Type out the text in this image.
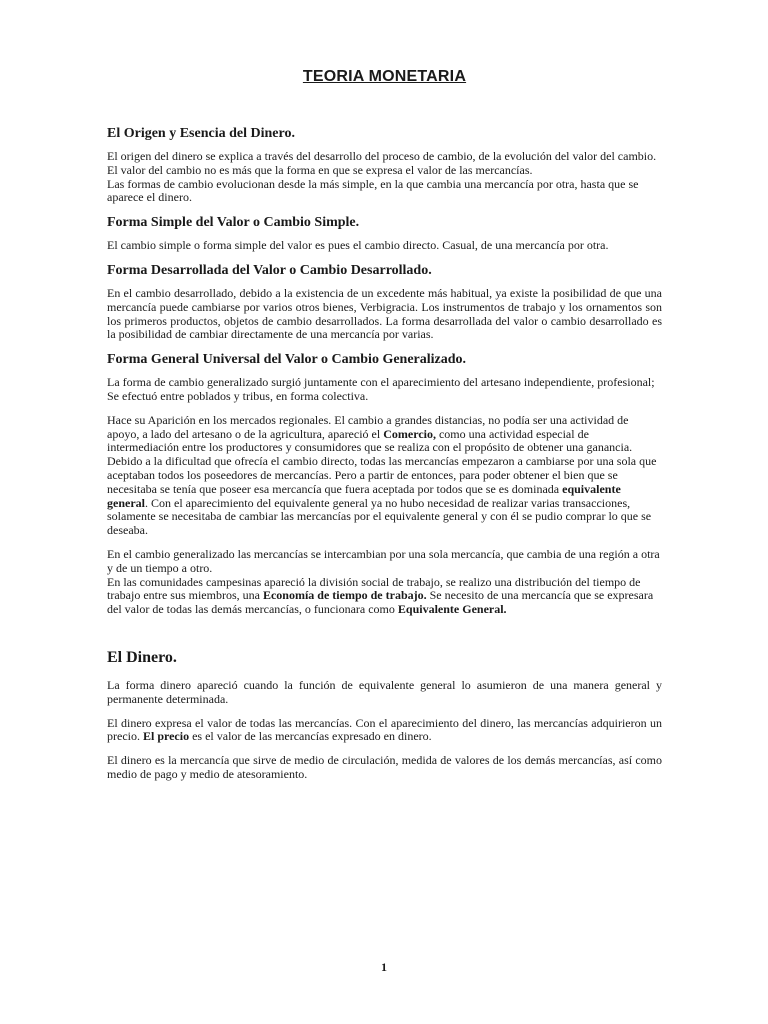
TEORIA MONETARIA
El Origen y Esencia del Dinero.

El origen del dinero se explica a través del desarrollo del proceso de cambio, de la evolución del valor del cambio. El valor del cambio no es más que la forma en que se expresa el valor de las mercancías.

Las formas de cambio evolucionan desde la más simple, en la que cambia una mercancía por otra, hasta que se aparece el dinero.

Forma Simple del Valor o Cambio Simple.

El cambio simple o forma simple del valor es pues el cambio directo. Casual, de una mercancía por otra.

Forma Desarrollada del Valor o Cambio Desarrollado.

En el cambio desarrollado, debido a la existencia de un excedente más habitual, ya existe la posibilidad de que una mercancía puede cambiarse por varios otros bienes, Verbigracia. Los instrumentos de trabajo y los ornamentos son los primeros productos, objetos de cambio desarrollados. La forma desarrollada del valor o cambio desarrollado es la posibilidad de cambiar directamente de una mercancía por varias.

Forma General Universal del Valor o Cambio Generalizado.

La forma de cambio generalizado surgió juntamente con el aparecimiento del artesano independiente, profesional; Se efectuó entre poblados y tribus, en forma colectiva.

Hace su Aparición en los mercados regionales. El cambio a grandes distancias, no podía ser una actividad de apoyo, a lado del artesano o de la agricultura, apareció el Comercio, como una actividad especial de intermediación entre los productores y consumidores que se realiza con el propósito de obtener una ganancia.

Debido a la dificultad que ofrecía el cambio directo, todas las mercancías empezaron a cambiarse por una sola que aceptaban todos los poseedores de mercancías. Pero a partir de entonces, para poder obtener el bien que se necesitaba se tenía que poseer esa mercancía que fuera aceptada por todos que se es dominada equivalente general. Con el aparecimiento del equivalente general ya no hubo necesidad de realizar varias transacciones, solamente se necesitaba de cambiar las mercancías por el equivalente general y con él se pudio comprar lo que se deseaba.

En el cambio generalizado las mercancías se intercambian por una sola mercancía, que cambia de una región a otra y de un tiempo a otro.

En las comunidades campesinas apareció la división social de trabajo, se realizo una distribución del tiempo de trabajo entre sus miembros, una Economía de tiempo de trabajo. Se necesito de una mercancía que se expresara del valor de todas las demás mercancías, o funcionara como Equivalente General.

El Dinero.

La forma dinero apareció cuando la función de equivalente general lo asumieron de una manera general y permanente determinada.

El dinero expresa el valor de todas las mercancías. Con el aparecimiento del dinero, las mercancías adquirieron un precio. El precio es el valor de las mercancías expresado en dinero.

El dinero es la mercancía que sirve de medio de circulación, medida de valores de los demás mercancías, así como medio de pago y medio de atesoramiento.

1
